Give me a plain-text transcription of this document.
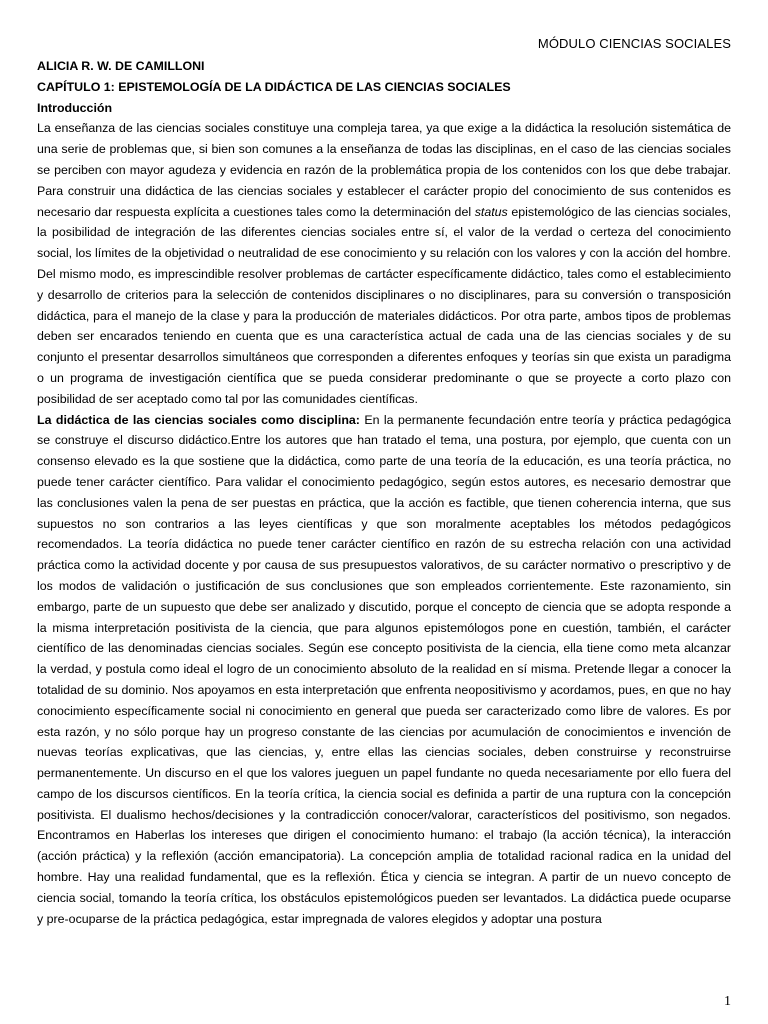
MÓDULO CIENCIAS SOCIALES
ALICIA R. W. DE CAMILLONI
CAPÍTULO 1: EPISTEMOLOGÍA DE LA DIDÁCTICA DE LAS CIENCIAS SOCIALES
Introducción

La enseñanza de las ciencias sociales constituye una compleja tarea, ya que exige a la didáctica la resolución sistemática de una serie de problemas que, si bien son comunes a la enseñanza de todas las disciplinas, en el caso de las ciencias sociales se perciben con mayor agudeza y evidencia en razón de la problemática propia de los contenidos con los que debe trabajar. Para construir una didáctica de las ciencias sociales y establecer el carácter propio del conocimiento de sus contenidos es necesario dar respuesta explícita a cuestiones tales como la determinación del status epistemológico de las ciencias sociales, la posibilidad de integración de las diferentes ciencias sociales entre sí, el valor de la verdad o certeza del conocimiento social, los límites de la objetividad o neutralidad de ese conocimiento y su relación con los valores y con la acción del hombre. Del mismo modo, es imprescindible resolver problemas de cartácter específicamente didáctico, tales como el establecimiento y desarrollo de criterios para la selección de contenidos disciplinares o no disciplinares, para su conversión o transposición didáctica, para el manejo de la clase y para la producción de materiales didácticos. Por otra parte, ambos tipos de problemas deben ser encarados teniendo en cuenta que es una característica actual de cada una de las ciencias sociales y de su conjunto el presentar desarrollos simultáneos que corresponden a diferentes enfoques y teorías sin que exista un paradigma o un programa de investigación científica que se pueda considerar predominante o que se proyecte a corto plazo con posibilidad de ser aceptado como tal por las comunidades científicas.

La didáctica de las ciencias sociales como disciplina: En la permanente fecundación entre teoría y práctica pedagógica se construye el discurso didáctico.Entre los autores que han tratado el tema, una postura, por ejemplo, que cuenta con un consenso elevado es la que sostiene que la didáctica, como parte de una teoría de la educación, es una teoría práctica, no puede tener carácter científico. Para validar el conocimiento pedagógico, según estos autores, es necesario demostrar que las conclusiones valen la pena de ser puestas en práctica, que la acción es factible, que tienen coherencia interna, que sus supuestos no son contrarios a las leyes científicas y que son moralmente aceptables los métodos pedagógicos recomendados. La teoría didáctica no puede tener carácter científico en razón de su estrecha relación con una actividad práctica como la actividad docente y por causa de sus presupuestos valorativos, de su carácter normativo o prescriptivo y de los modos de validación o justificación de sus conclusiones que son empleados corrientemente. Este razonamiento, sin embargo, parte de un supuesto que debe ser analizado y discutido, porque el concepto de ciencia que se adopta responde a la misma interpretación positivista de la ciencia, que para algunos epistemólogos pone en cuestión, también, el carácter científico de las denominadas ciencias sociales. Según ese concepto positivista de la ciencia, ella tiene como meta alcanzar la verdad, y postula como ideal el logro de un conocimiento absoluto de la realidad en sí misma. Pretende llegar a conocer la totalidad de su dominio. Nos apoyamos en esta interpretación que enfrenta neopositivismo y acordamos, pues, en que no hay conocimiento específicamente social ni conocimiento en general que pueda ser caracterizado como libre de valores. Es por esta razón, y no sólo porque hay un progreso constante de las ciencias por acumulación de conocimientos e invención de nuevas teorías explicativas, que las ciencias, y, entre ellas las ciencias sociales, deben construirse y reconstruirse permanentemente. Un discurso en el que los valores jueguen un papel fundante no queda necesariamente por ello fuera del campo de los discursos científicos. En la teoría crítica, la ciencia social es definida a partir de una ruptura con la concepción positivista. El dualismo hechos/decisiones y la contradicción conocer/valorar, característicos del positivismo, son negados. Encontramos en Haberlas los intereses que dirigen el conocimiento humano: el trabajo (la acción técnica), la interacción (acción práctica) y la reflexión (acción emancipatoria). La concepción amplia de totalidad racional radica en la unidad del hombre. Hay una realidad fundamental, que es la reflexión. Ética y ciencia se integran. A partir de un nuevo concepto de ciencia social, tomando la teoría crítica, los obstáculos epistemológicos pueden ser levantados. La didáctica puede ocuparse y pre-ocuparse de la práctica pedagógica, estar impregnada de valores elegidos y adoptar una postura

1
